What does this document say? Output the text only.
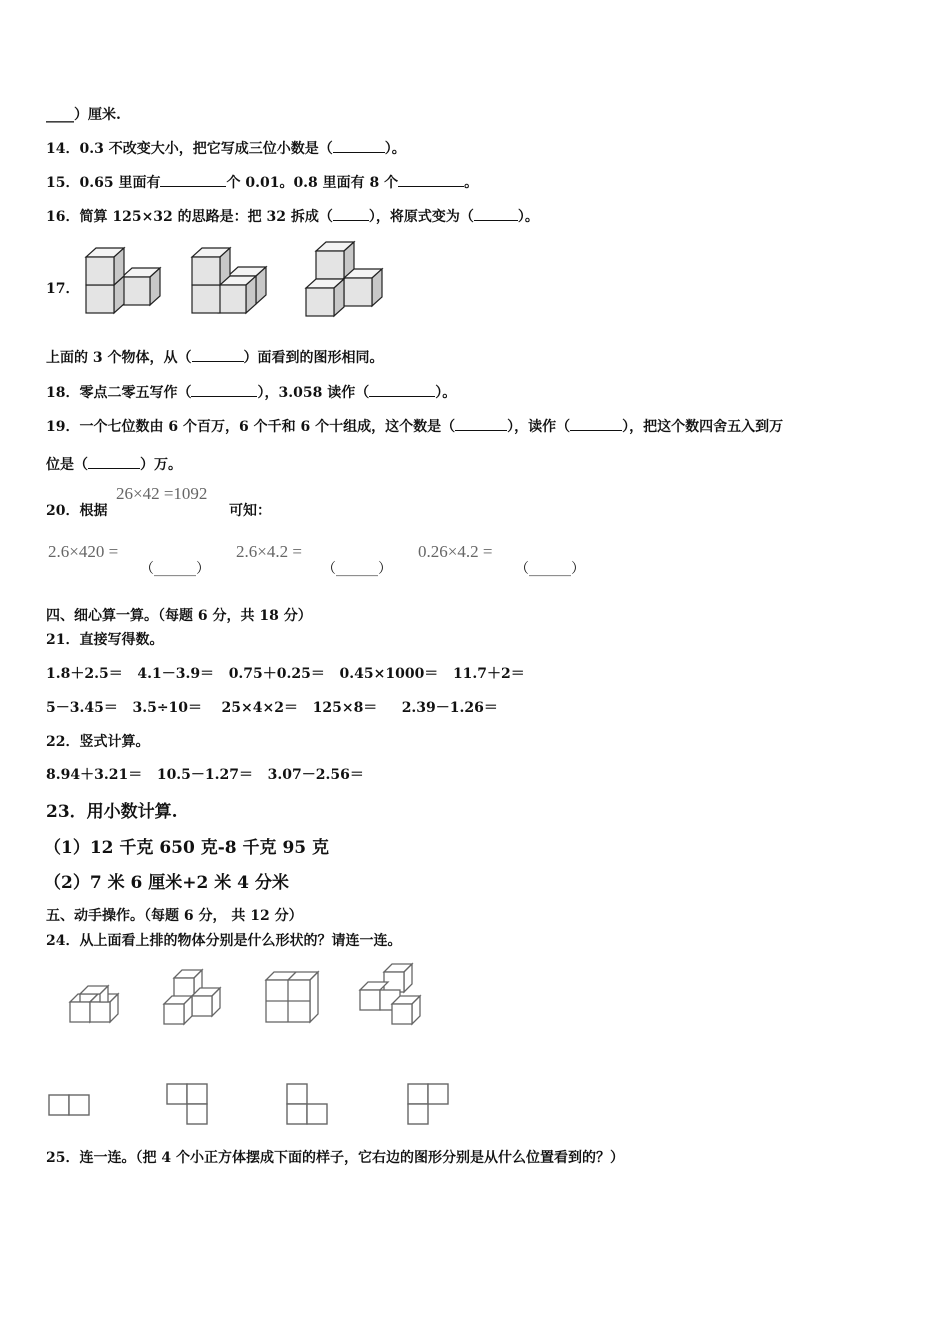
____）厘米.
14．0.3 不改变大小，把它写成三位小数是（	）。
15．0.65 里面有	个 0.01。0.8 里面有 8 个	。
16．简算 125×32 的思路是：把 32 拆成（	），将原式变为（	）。
17．
上面的 3 个物体，从（	）面看到的图形相同。
18．零点二零五写作（	），3.058 读作（	）。
19．一个七位数由 6 个百万，6 个千和 6 个十组成，这个数是（	），读作（	），把这个数四舍五入到万
位是（	）万。
20．根据
26×42 =1092
可知：
2.6×420 =
（______）
2.6×4.2 =
（______）
0.26×4.2 =
（______）
四、细心算一算。（每题 6 分，共 18 分）
21．直接写得数。
1.8＋2.5＝ 4.1－3.9＝ 0.75＋0.25＝ 0.45×1000＝ 11.7＋2＝
5－3.45＝ 3.5÷10＝ 25×4×2＝ 125×8＝ 2.39－1.26＝
22．竖式计算。
8.94＋3.21＝ 10.5－1.27＝ 3.07－2.56＝
23．用小数计算.
（1）12 千克 650 克-8 千克 95 克
（2）7 米 6 厘米+2 米 4 分米
五、动手操作。（每题 6 分， 共 12 分）
24．从上面看上排的物体分别是什么形状的？请连一连。
25．连一连。（把 4 个小正方体摆成下面的样子，它右边的图形分别是从什么位置看到的？）
